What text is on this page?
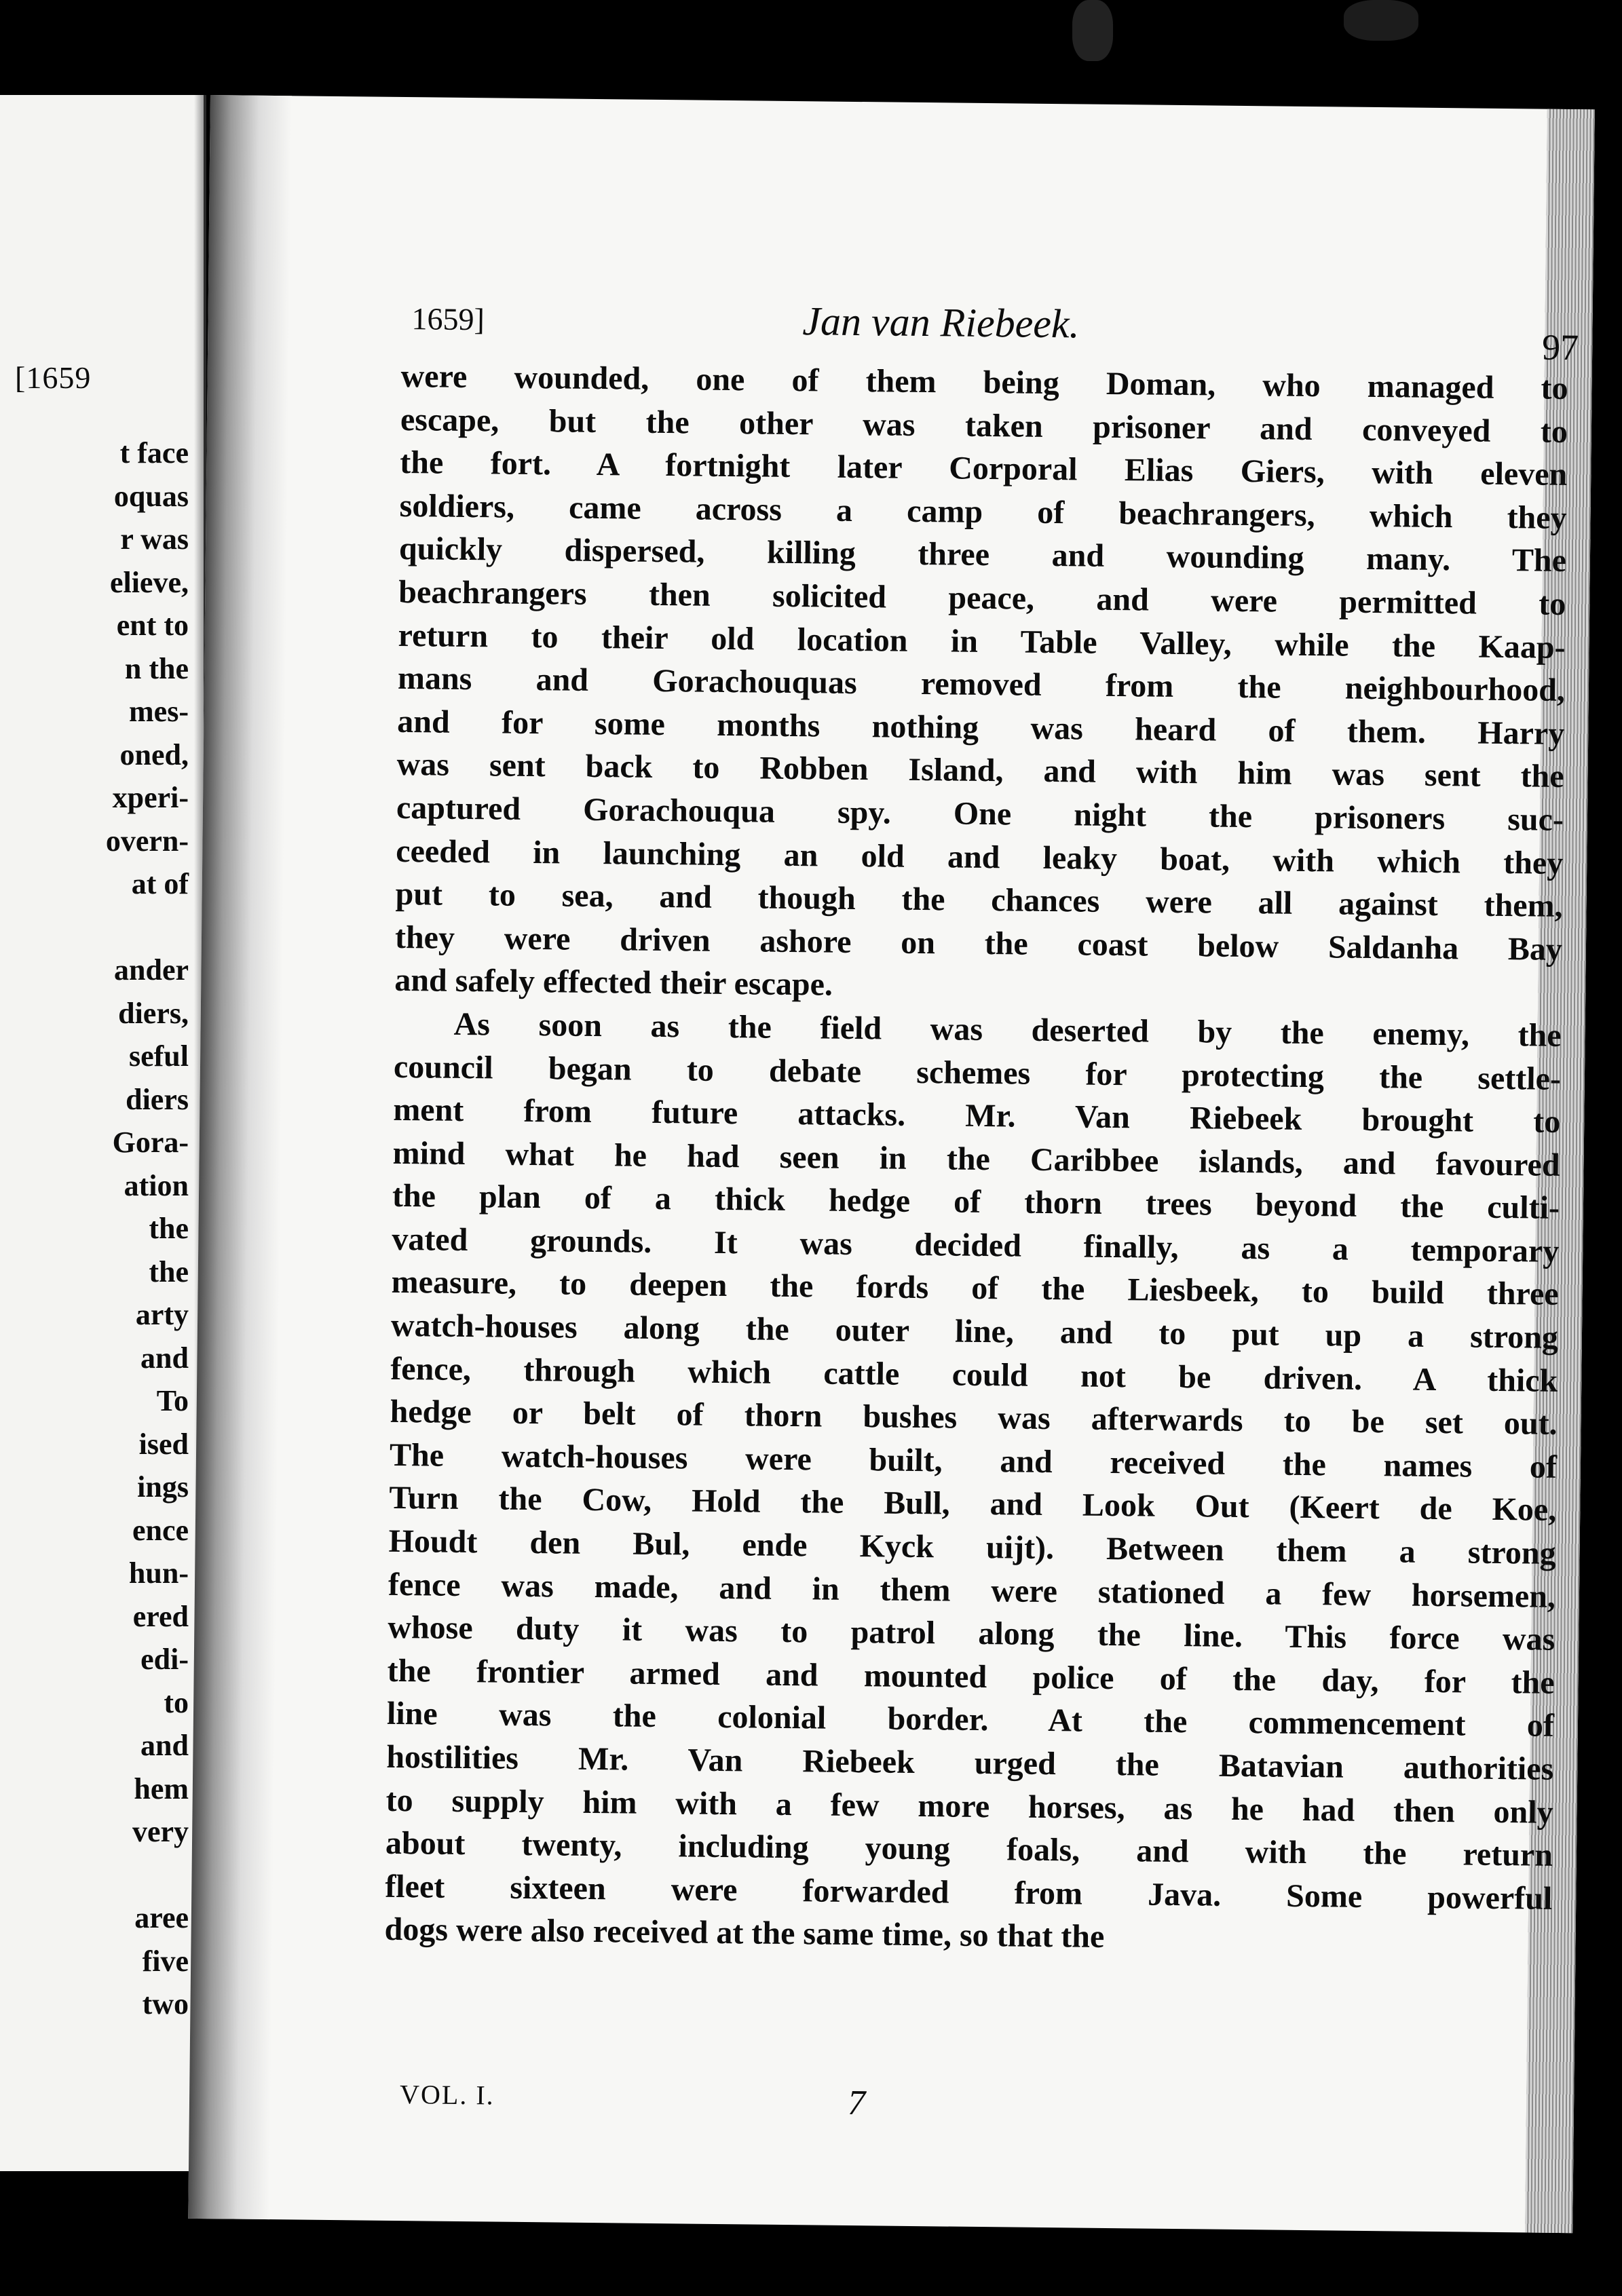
[1659
t face
oquas
r was
elieve,
ent to
n the
mes-
oned,
xperi-
overn-
at of
ander
diers,
seful
diers
Gora-
ation
the
the
arty
and
To
ised
ings
ence
hun-
ered
edi-
to
and
hem
very
aree
five
two
1659]	Jan van Riebeek.
97
were wounded, one of them being Doman, who managed to
escape, but the other was taken prisoner and conveyed to
the fort. A fortnight later Corporal Elias Giers, with eleven
soldiers, came across a camp of beachrangers, which they
quickly dispersed, killing three and wounding many. The
beachrangers then solicited peace, and were permitted to
return to their old location in Table Valley, while the Kaap-
mans and Gorachouquas removed from the neighbourhood,
and for some months nothing was heard of them. Harry
was sent back to Robben Island, and with him was sent the
captured Gorachouqua spy. One night the prisoners suc-
ceeded in launching an old and leaky boat, with which they
put to sea, and though the chances were all against them,
they were driven ashore on the coast below Saldanha Bay
and safely effected their escape.
As soon as the field was deserted by the enemy, the
council began to debate schemes for protecting the settle-
ment from future attacks. Mr. Van Riebeek brought to
mind what he had seen in the Caribbee islands, and favoured
the plan of a thick hedge of thorn trees beyond the culti-
vated grounds. It was decided finally, as a temporary
measure, to deepen the fords of the Liesbeek, to build three
watch-houses along the outer line, and to put up a strong
fence, through which cattle could not be driven. A thick
hedge or belt of thorn bushes was afterwards to be set out.
The watch-houses were built, and received the names of
Turn the Cow, Hold the Bull, and Look Out (Keert de Koe,
Houdt den Bul, ende Kyck uijt). Between them a strong
fence was made, and in them were stationed a few horsemen,
whose duty it was to patrol along the line. This force was
the frontier armed and mounted police of the day, for the
line was the colonial border. At the commencement of
hostilities Mr. Van Riebeek urged the Batavian authorities
to supply him with a few more horses, as he had then only
about twenty, including young foals, and with the return
fleet sixteen were forwarded from Java. Some powerful
dogs were also received at the same time, so that the
VOL. I.	7
